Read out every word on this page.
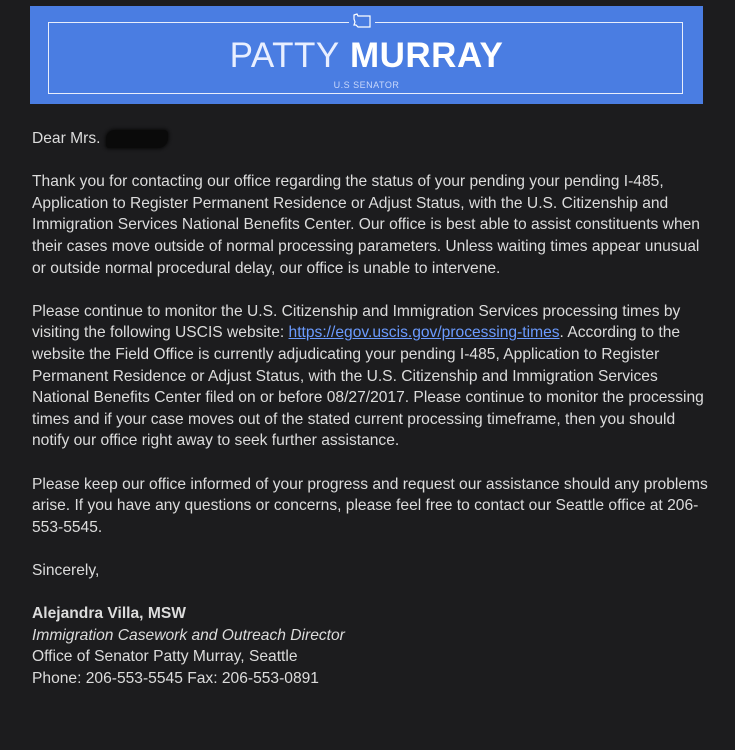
PATTY MURRAY
U.S SENATOR

Dear Mrs.

Thank you for contacting our office regarding the status of your pending your pending I-485, Application to Register Permanent Residence or Adjust Status, with the U.S. Citizenship and Immigration Services National Benefits Center. Our office is best able to assist constituents when their cases move outside of normal processing parameters. Unless waiting times appear unusual or outside normal procedural delay, our office is unable to intervene.

Please continue to monitor the U.S. Citizenship and Immigration Services processing times by visiting the following USCIS website: https://egov.uscis.gov/processing-times. According to the website the Field Office is currently adjudicating your pending I-485, Application to Register Permanent Residence or Adjust Status, with the U.S. Citizenship and Immigration Services National Benefits Center filed on or before 08/27/2017. Please continue to monitor the processing times and if your case moves out of the stated current processing timeframe, then you should notify our office right away to seek further assistance.

Please keep our office informed of your progress and request our assistance should any problems arise. If you have any questions or concerns, please feel free to contact our Seattle office at 206-553-5545.

Sincerely,

Alejandra Villa, MSW
Immigration Casework and Outreach Director
Office of Senator Patty Murray, Seattle
Phone: 206-553-5545 Fax: 206-553-0891
